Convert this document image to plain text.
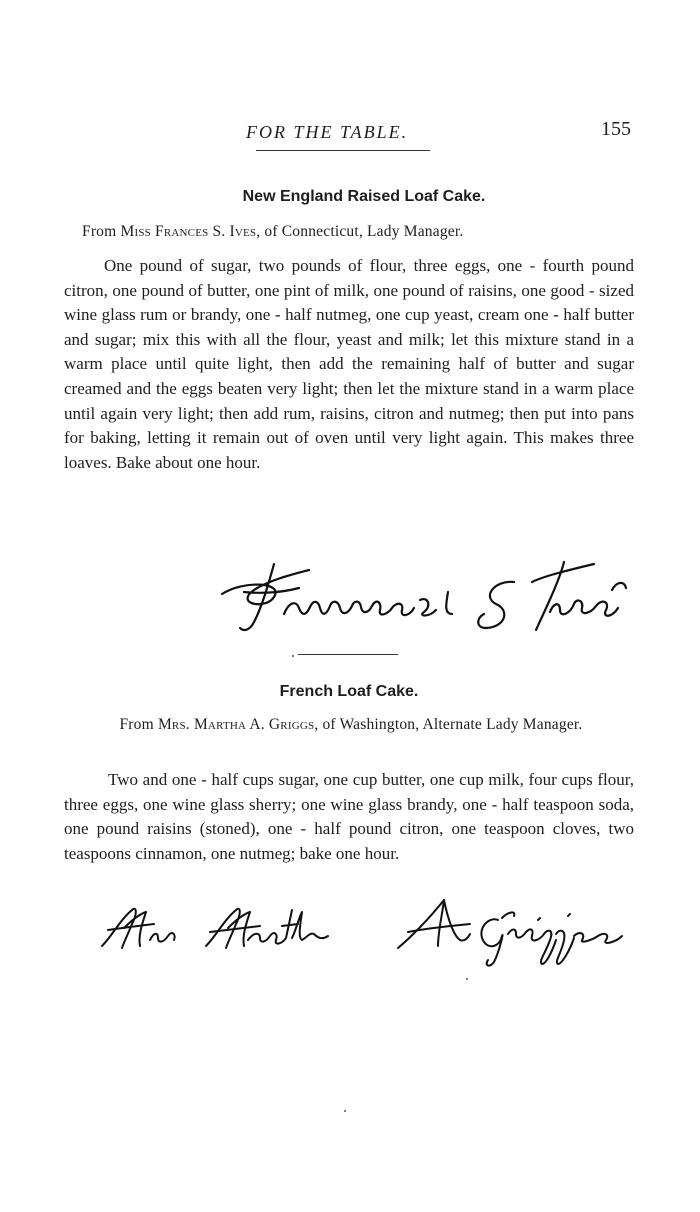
FOR THE TABLE.	155
New England Raised Loaf Cake.
From Miss Frances S. Ives, of Connecticut, Lady Manager.
One pound of sugar, two pounds of flour, three eggs, one - fourth pound citron, one pound of butter, one pint of milk, one pound of raisins, one good - sized wine glass rum or brandy, one - half nutmeg, one cup yeast, cream one - half butter and sugar; mix this with all the flour, yeast and milk; let this mixture stand in a warm place until quite light, then add the remaining half of butter and sugar creamed and the eggs beaten very light; then let the mixture stand in a warm place until again very light; then add rum, raisins, citron and nutmeg; then put into pans for baking, letting it remain out of oven until very light again. This makes three loaves. Bake about one hour.
Frances S Ives
French Loaf Cake.
From Mrs. Martha A. Griggs, of Washington, Alternate Lady Manager.
Two and one - half cups sugar, one cup butter, one cup milk, four cups flour, three eggs, one wine glass sherry; one wine glass brandy, one - half teaspoon soda, one pound raisins (stoned), one - half pound citron, one teaspoon cloves, two teaspoons cinnamon, one nutmeg; bake one hour.
Mrs Martha A Griggs
